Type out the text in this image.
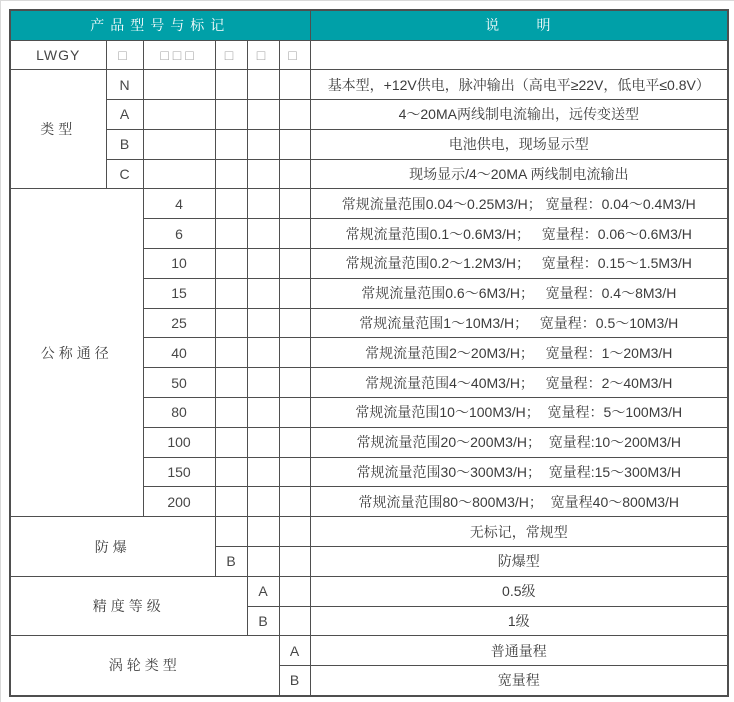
产品型号与标记						说      明
LWGY	□	□□□	□	□	□	
类型	N					基本型，+12V供电，脉冲输出（高电平≥22V，低电平≤0.8V）
	A					4～20MA两线制电流输出，远传变送型
	B					电池供电，现场显示型
	C					现场显示/4～20MA 两线制电流输出
公称通径		4				常规流量范围0.04～0.25M3/H； 宽量程：0.04～0.4M3/H
		6				常规流量范围0.1～0.6M3/H；   宽量程：0.06～0.6M3/H
		10				常规流量范围0.2～1.2M3/H；   宽量程：0.15～1.5M3/H
		15				常规流量范围0.6～6M3/H；   宽量程：0.4～8M3/H
		25				常规流量范围1～10M3/H；   宽量程：0.5～10M3/H
		40				常规流量范围2～20M3/H；   宽量程：1～20M3/H
		50				常规流量范围4～40M3/H；   宽量程：2～40M3/H
		80				常规流量范围10～100M3/H；  宽量程：5～100M3/H
		100				常规流量范围20～200M3/H；  宽量程:10～200M3/H
		150				常规流量范围30～300M3/H；  宽量程:15～300M3/H
		200				常规流量范围80～800M3/H；  宽量程40～800M3/H
防爆						无标记，常规型
			B			防爆型
精度等级				A		0.5级
				B		1级
涡轮类型					A	普通量程
					B	宽量程
